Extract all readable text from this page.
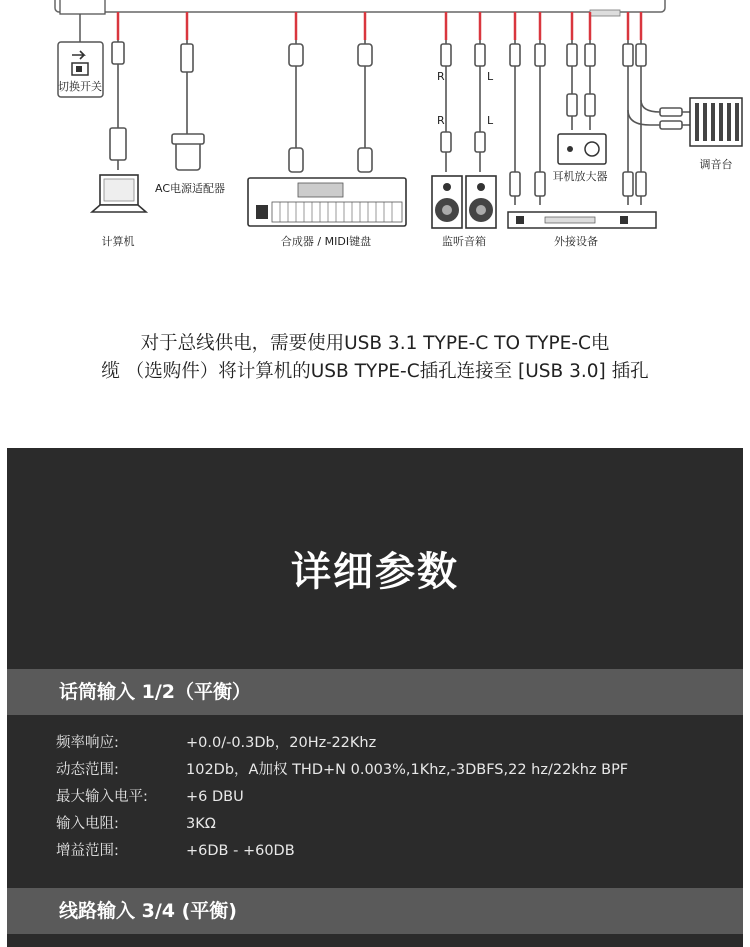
切换开关
计算机
AC电源适配器
合成器 / MIDI键盘
R	L
R	L
监听音箱
耳机放大器
外接设备
调音台
对于总线供电，需要使用USB 3.1 TYPE-C TO TYPE-C电
缆 （选购件）将计算机的USB TYPE-C插孔连接至 [USB 3.0] 插孔
详细参数
话筒输入 1/2（平衡）
频率响应:	+0.0/-0.3Db，20Hz-22Khz
动态范围:	102Db，A加权 THD+N 0.003%,1Khz,-3DBFS,22 hz/22khz BPF
最大输入电平:	+6 DBU
输入电阻:	3KΩ
增益范围:	+6DB - +60DB
线路输入 3/4 (平衡)
